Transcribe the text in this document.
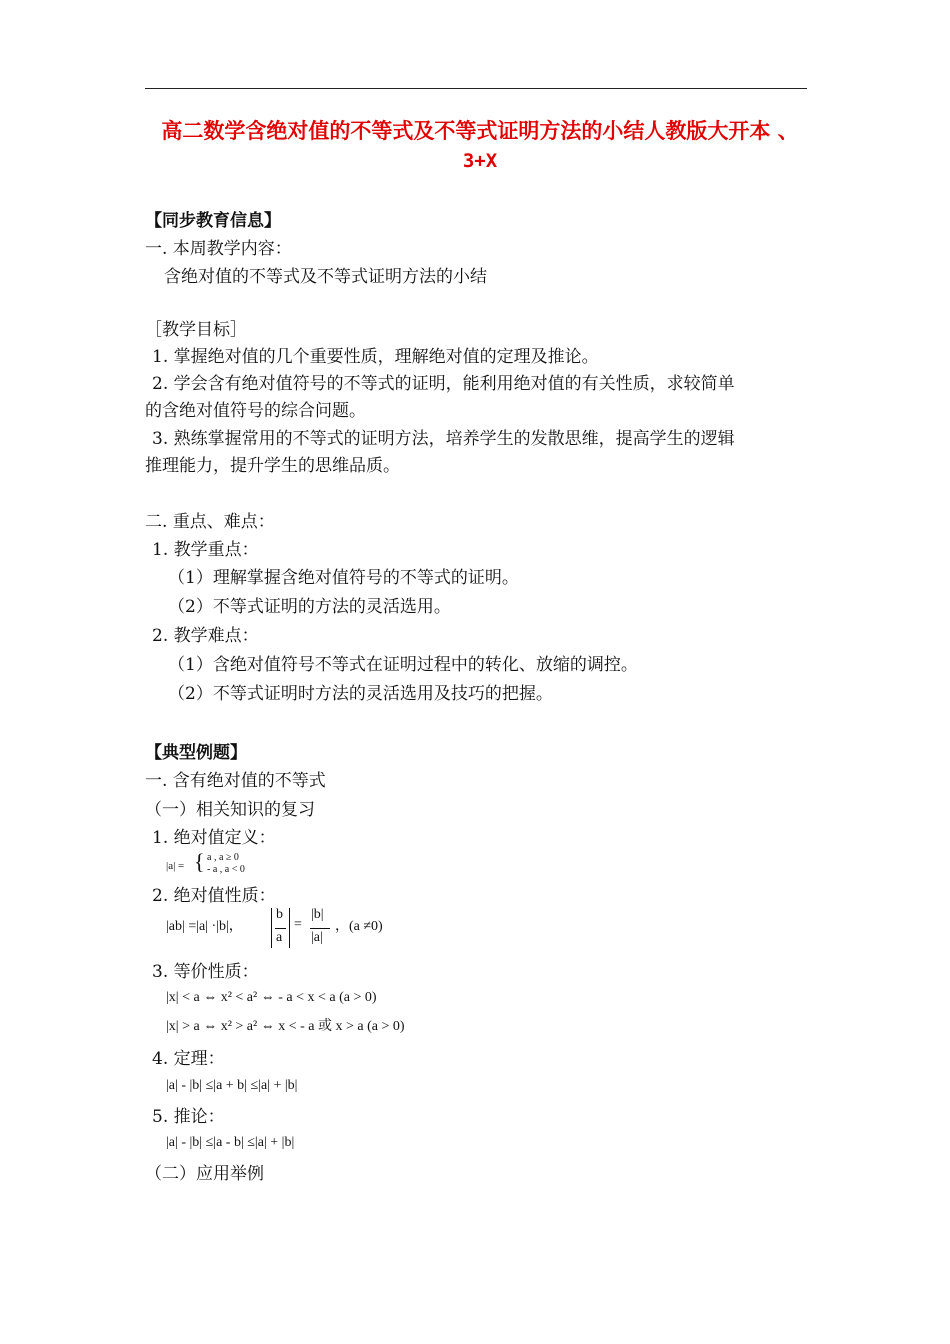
高二数学含绝对值的不等式及不等式证明方法的小结人教版大开本 、
3+X
【同步教育信息】
一. 本周教学内容：
含绝对值的不等式及不等式证明方法的小结
［教学目标］
1. 掌握绝对值的几个重要性质，理解绝对值的定理及推论。
2. 学会含有绝对值符号的不等式的证明，能利用绝对值的有关性质，求较简单
的含绝对值符号的综合问题。
3. 熟练掌握常用的不等式的证明方法，培养学生的发散思维，提高学生的逻辑
推理能力，提升学生的思维品质。
二. 重点、难点：
1. 教学重点：
（1）理解掌握含绝对值符号的不等式的证明。
（2）不等式证明的方法的灵活选用。
2. 教学难点：
（1）含绝对值符号不等式在证明过程中的转化、放缩的调控。
（2）不等式证明时方法的灵活选用及技巧的把握。
【典型例题】
一. 含有绝对值的不等式
（一）相关知识的复习
1. 绝对值定义：
|a| = { a , a ≥ 0
- a , a < 0
2. 绝对值性质：
|ab| =|a| ·|b|，
b
a
=
|b|
|a|
，(a ≠0)
3. 等价性质：
|x| < a ⇔ x² < a² ⇔ - a < x < a (a > 0)
|x| > a ⇔ x² > a² ⇔ x < - a 或 x > a (a > 0)
4. 定理：
|a| - |b| ≤|a + b| ≤|a| + |b|
5. 推论：
|a| - |b| ≤|a - b| ≤|a| + |b|
（二）应用举例
